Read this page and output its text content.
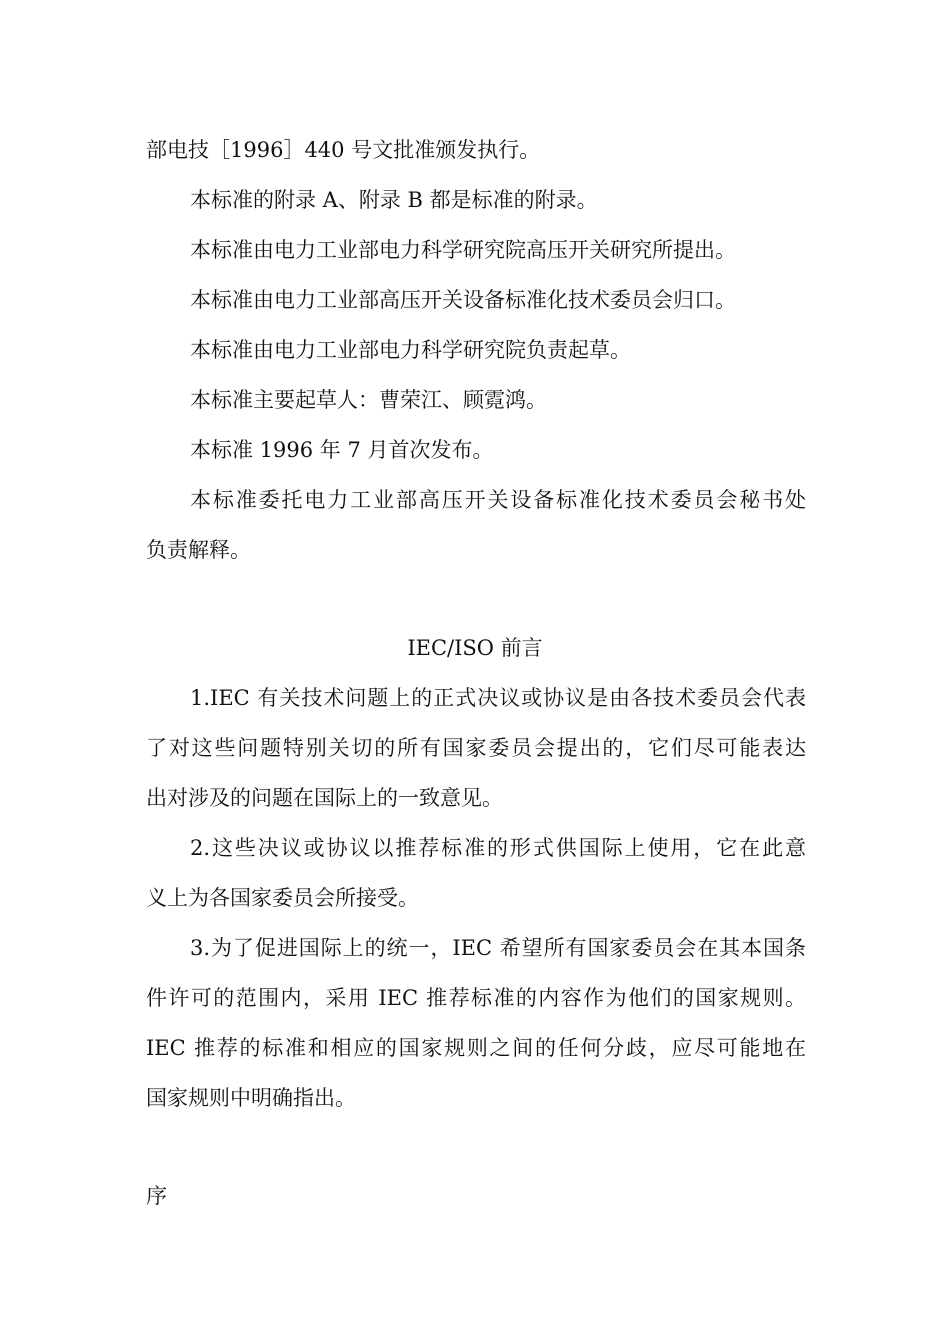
部电技［1996］440 号文批准颁发执行。
本标准的附录 A、附录 B 都是标准的附录。
本标准由电力工业部电力科学研究院高压开关研究所提出。
本标准由电力工业部高压开关设备标准化技术委员会归口。
本标准由电力工业部电力科学研究院负责起草。
本标准主要起草人：曹荣江、顾霓鸿。
本标准 1996 年 7 月首次发布。
本标准委托电力工业部高压开关设备标准化技术委员会秘书处
负责解释。
IEC/ISO 前言
1.IEC 有关技术问题上的正式决议或协议是由各技术委员会代表
了对这些问题特别关切的所有国家委员会提出的，它们尽可能表达
出对涉及的问题在国际上的一致意见。
2.这些决议或协议以推荐标准的形式供国际上使用，它在此意
义上为各国家委员会所接受。
3.为了促进国际上的统一，IEC 希望所有国家委员会在其本国条
件许可的范围内，采用 IEC 推荐标准的内容作为他们的国家规则。
IEC 推荐的标准和相应的国家规则之间的任何分歧，应尽可能地在
国家规则中明确指出。
序
